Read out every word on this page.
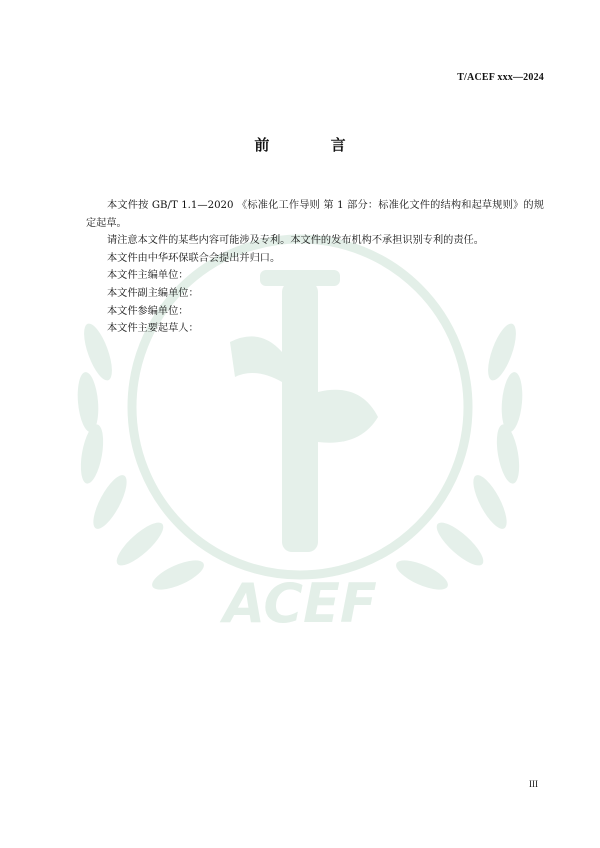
ACEF
T/ACEF xxx—2024
前 言

本文件按 GB/T 1.1—2020 《标准化工作导则 第 1 部分：标准化文件的结构和起草规则》的规定起草。

请注意本文件的某些内容可能涉及专利。本文件的发布机构不承担识别专利的责任。

本文件由中华环保联合会提出并归口。

本文件主编单位：

本文件副主编单位：

本文件参编单位：

本文件主要起草人：

III
